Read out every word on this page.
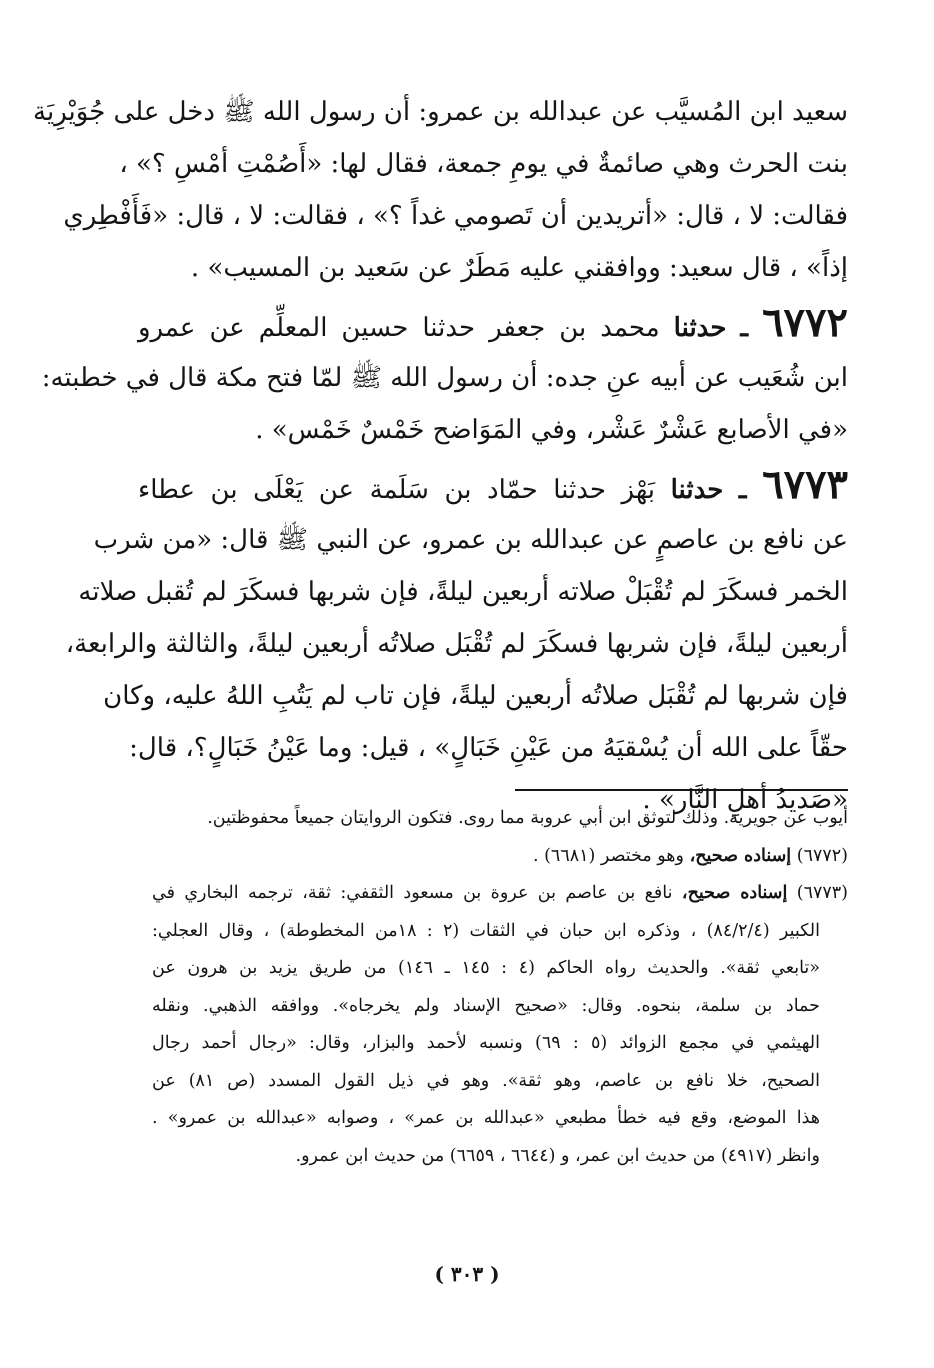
سعيد ابن المُسيَّب عن عبدالله بن عمرو: أن رسول الله ﷺ دخل على جُوَيْرِيَة
بنت الحرث وهي صائمةٌ في يومِ جمعة، فقال لها: «أَصُمْتِ أمْسِ ؟» ،
فقالت: لا ، قال: «أتريدين أن تَصومي غداً ؟» ، فقالت: لا ، قال: «فَأَفْطِري
إذاً» ، قال سعيد: ووافقني عليه مَطَرٌ عن سَعيد بن المسيب» .
٦٧٧٢ ـ حدثنا محمد بن جعفر حدثنا حسين المعلِّم عن عمرو
ابن شُعَيب عن أبيه عنِ جده: أن رسول الله ﷺ لمّا فتح مكة قال في خطبته:
«في الأصابع عَشْرٌ عَشْر، وفي المَوَاضح خَمْسٌ خَمْس» .
٦٧٧٣ ـ حدثنا بَهْز حدثنا حمّاد بن سَلَمة عن يَعْلَى بن عطاء
عن نافع بن عاصمٍ عن عبدالله بن عمرو، عن النبي ﷺ قال: «من شرب
الخمر فسكَرَ لم تُقْبَلْ صلاته أربعين ليلةً، فإن شربها فسكَرَ لم تُقبل صلاته
أربعين ليلةً، فإن شربها فسكَرَ لم تُقْبَل صلاتُه أربعين ليلةً، والثالثة والرابعة،
فإن شربها لم تُقْبَل صلاتُه أربعين ليلةً، فإن تاب لم يَتُبِ اللهُ عليه، وكان
حقّاً على الله أن يُسْقيَهُ من عَيْنِ خَبَالٍ» ، قيل: وما عَيْنُ خَبَالٍ؟، قال:
«صَديدُ أهلِ النَّار» .
أيوب عن جويرية. وذلك لتوثق ابن أبي عروبة مما روى. فتكون الروايتان جميعاً محفوظتين.
(٦٧٧٢) إسناده صحيح، وهو مختصر (٦٦٨١) .
(٦٧٧٣) إسناده صحيح، نافع بن عاصم بن عروة بن مسعود الثقفي: ثقة، ترجمه البخاري في
الكبير (٨٤/٢/٤) ، وذكره ابن حبان في الثقات (٢ : ١٨من المخطوطة) ، وقال العجلي:
«تابعي ثقة». والحديث رواه الحاكم (٤ : ١٤٥ ـ ١٤٦) من طريق يزيد بن هرون عن
حماد بن سلمة، بنحوه. وقال: «صحيح الإسناد ولم يخرجاه». ووافقه الذهبي. ونقله
الهيثمي في مجمع الزوائد (٥ : ٦٩) ونسبه لأحمد والبزار، وقال: «رجال أحمد رجال
الصحيح، خلا نافع بن عاصم، وهو ثقة». وهو في ذيل القول المسدد (ص ٨١) عن
هذا الموضع، وقع فيه خطأ مطبعي «عبدالله بن عمر» ، وصوابه «عبدالله بن عمرو» .
وانظر (٤٩١٧) من حديث ابن عمر، و (٦٦٤٤ ، ٦٦٥٩) من حديث ابن عمرو.
( ٣٠٣ )
